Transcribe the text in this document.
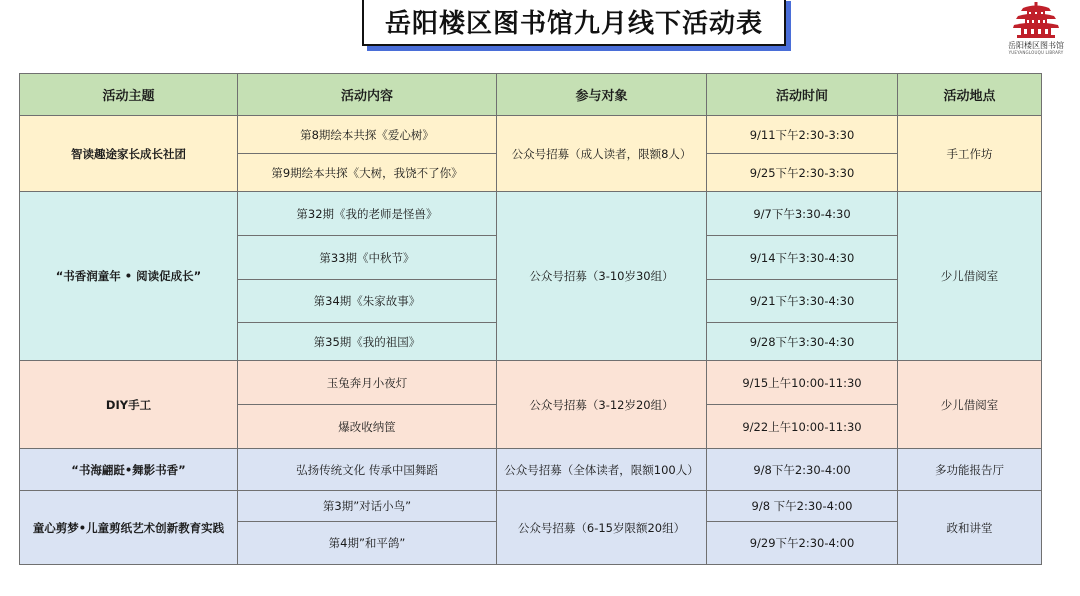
岳阳楼区图书馆九月线下活动表
岳阳楼区图书馆
YUEYANGLOUQU LIBRARY
活动主题	活动内容	参与对象	活动时间	活动地点
智读趣途家长成长社团	第8期绘本共探《爱心树》	公众号招募（成人读者，限额8人）	9/11下午2:30-3:30	手工作坊
	第9期绘本共探《大树，我饶不了你》		9/25下午2:30-3:30	
“书香润童年 • 阅读促成长”	第32期《我的老师是怪兽》	公众号招募（3-10岁30组）	9/7下午3:30-4:30	少儿借阅室
	第33期《中秋节》		9/14下午3:30-4:30	
	第34期《朱家故事》		9/21下午3:30-4:30	
	第35期《我的祖国》		9/28下午3:30-4:30	
DIY手工	玉兔奔月小夜灯	公众号招募（3-12岁20组）	9/15上午10:00-11:30	少儿借阅室
	爆改收纳筐		9/22上午10:00-11:30	
“书海翩跹•舞影书香”	弘扬传统文化 传承中国舞蹈	公众号招募（全体读者，限额100人）	9/8下午2:30-4:00	多功能报告厅
童心剪梦•儿童剪纸艺术创新教育实践	第3期”对话小鸟”	公众号招募（6-15岁限额20组）	9/8 下午2:30-4:00	政和讲堂
	第4期”和平鸽”		9/29下午2:30-4:00	
